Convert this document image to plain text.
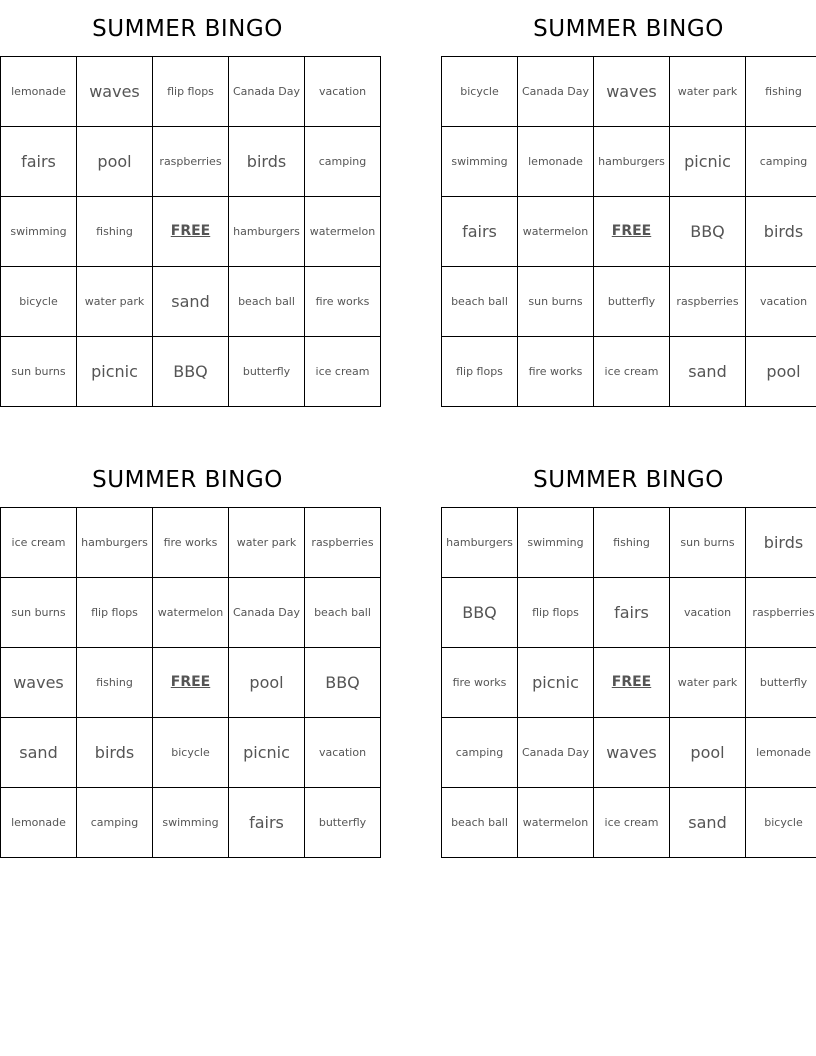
SUMMER BINGO
lemonade	waves	flip flops	Canada Day	vacation
fairs	pool	raspberries	birds	camping
swimming	fishing	FREE	hamburgers	watermelon
bicycle	water park	sand	beach ball	fire works
sun burns	picnic	BBQ	butterfly	ice cream
SUMMER BINGO
bicycle	Canada Day	waves	water park	fishing
swimming	lemonade	hamburgers	picnic	camping
fairs	watermelon	FREE	BBQ	birds
beach ball	sun burns	butterfly	raspberries	vacation
flip flops	fire works	ice cream	sand	pool
SUMMER BINGO
ice cream	hamburgers	fire works	water park	raspberries
sun burns	flip flops	watermelon	Canada Day	beach ball
waves	fishing	FREE	pool	BBQ
sand	birds	bicycle	picnic	vacation
lemonade	camping	swimming	fairs	butterfly
SUMMER BINGO
hamburgers	swimming	fishing	sun burns	birds
BBQ	flip flops	fairs	vacation	raspberries
fire works	picnic	FREE	water park	butterfly
camping	Canada Day	waves	pool	lemonade
beach ball	watermelon	ice cream	sand	bicycle
